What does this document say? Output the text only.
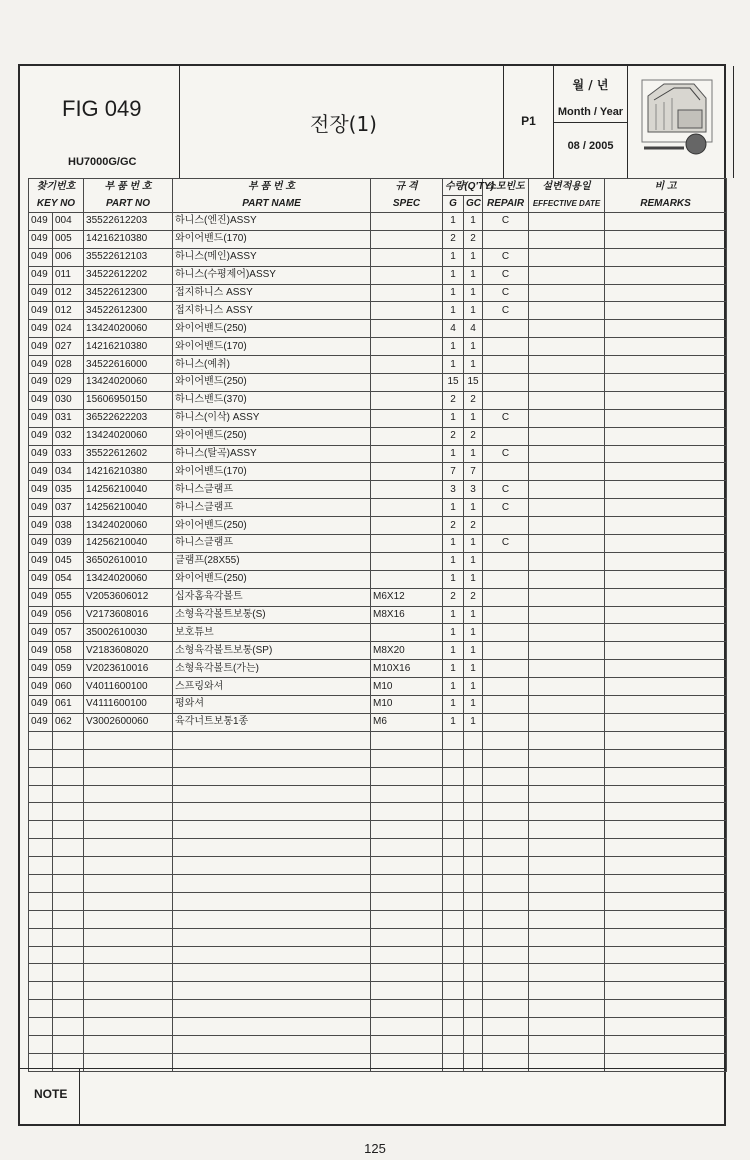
FIG 049
HU7000G/GC
전장(1)	P1
월 / 년
Month / Year
08 / 2005
찾기번호		부 품 번 호	부 품 번 호	규 격	수량(Q'TY)		소모빈도	설변적용일	비 고
KEY NO		PART NO	PART NAME	SPEC	G	GC	REPAIR	EFFECTIVE DATE	REMARKS
049	004	35522612203	하니스(엔진)ASSY		1	1	C		
049	005	14216210380	와이어밴드(170)		2	2			
049	006	35522612103	하니스(메인)ASSY		1	1	C		
049	011	34522612202	하니스(수평제어)ASSY		1	1	C		
049	012	34522612300	접지하니스 ASSY		1	1	C		
049	012	34522612300	접지하니스 ASSY		1	1	C		
049	024	13424020060	와이어밴드(250)		4	4			
049	027	14216210380	와이어밴드(170)		1	1			
049	028	34522616000	하니스(예취)		1	1			
049	029	13424020060	와이어밴드(250)		15	15			
049	030	15606950150	하니스밴드(370)		2	2			
049	031	36522622203	하니스(이삭) ASSY		1	1	C		
049	032	13424020060	와이어밴드(250)		2	2			
049	033	35522612602	하니스(탈곡)ASSY		1	1	C		
049	034	14216210380	와이어밴드(170)		7	7			
049	035	14256210040	하니스클램프		3	3	C		
049	037	14256210040	하니스클램프		1	1	C		
049	038	13424020060	와이어밴드(250)		2	2			
049	039	14256210040	하니스클램프		1	1	C		
049	045	36502610010	클램프(28X55)		1	1			
049	054	13424020060	와이어밴드(250)		1	1			
049	055	V2053606012	십자홈육각볼트	M6X12	2	2			
049	056	V2173608016	소형육각볼트보통(S)	M8X16	1	1			
049	057	35002610030	보호튜브		1	1			
049	058	V2183608020	소형육각볼트보통(SP)	M8X20	1	1			
049	059	V2023610016	소형육각볼트(가는)	M10X16	1	1			
049	060	V4011600100	스프링와셔	M10	1	1			
049	061	V4111600100	평와셔	M10	1	1			
049	062	V3002600060	육각너트보통1종	M6	1	1			

NOTE
125
